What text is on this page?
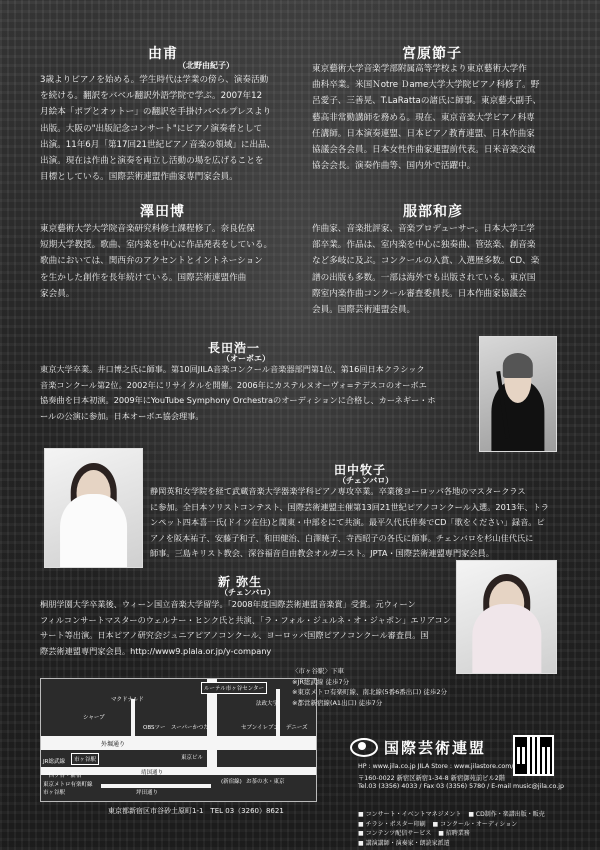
由甫
（北野由紀子）
3歳よりピアノを始める。学生時代は学業の傍ら、演奏活動
を続ける。翻訳をバベル翻訳外語学院で学ぶ。2007年12
月絵本「ポプとオットー」の翻訳を手掛けバベルプレスより
出版。大阪の"出版記念コンサート"にピアノ演奏者として
出演。11年6月「第17回21世紀ピアノ音楽の領域」に出品、
出演。現在は作曲と演奏を両立し活動の場を広げることを
目標としている。国際芸術連盟作曲家専門家会員。
宮原節子
東京藝術大学音楽学部附属高等学校より東京藝術大学作
曲科卒業。米国Ｎotre Ｄame大学大学院ピアノ科修了。野
呂愛子、三善晃、T.LaRattaの諸氏に師事。東京藝大副手、
藝高非常勤講師を務める。現在、東京音楽大学ピアノ科専
任講師。日本演奏連盟、日本ピアノ教育連盟、日本作曲家
協議会各会員。日本女性作曲家連盟前代表。日米音楽交流
協会会長。演奏作曲等、国内外で活躍中。
澤田博
東京藝術大学大学院音楽研究科修士課程修了。奈良佐保
短期大学教授。歌曲、室内楽を中心に作品発表をしている。
歌曲においては、関西弁のアクセントとイントネーション
を生かした創作を長年続けている。国際芸術連盟作曲
家会員。
服部和彦
作曲家、音楽批評家、音楽プロデューサー。日本大学工学
部卒業。作品は、室内楽を中心に独奏曲、管弦楽、創音楽
など多岐に及ぶ。コンクールの入賞、入選歴多数。CD、楽
譜の出版も多数。一部は海外でも出版されている。東京国
際室内楽作曲コンクール審査委員長。日本作曲家協議会
会員。国際芸術連盟会員。
長田浩一
（オーボエ）
東京大学卒業。井口博之氏に師事。第10回JILA音楽コンクール音楽器部門第1位、第16回日本クラシック
音楽コンクール第2位。2002年にリサイタルを開催。2006年にカステルヌオーヴォ=テデスコのオーボエ
協奏曲を日本初演。2009年にYouTube Symphony Orchestraのオーディションに合格し、カーネギー・ホ
ールの公演に参加。日本オーボエ協会理事。
田中牧子
（チェンバロ）
静岡英和女学院を経て武蔵音楽大学器楽学科ピアノ専攻卒業。卒業後ヨーロッパ各地のマスタークラス
に参加。全日本ソリストコンテスト、国際芸術連盟主催第13回21世紀ピアノコンクール入選。2013年、トラ
ンペット四本喜一氏(ドイツ在住)と関東・中部をにて共演。最平久代氏伴奏でCD「歌をください」録音。ピ
アノを阪本祐子、安藤子和子、和田健治、白澤暁子、寺西昭子の各氏に師事。チェンバロを杉山佳代氏に
師事。三島キリスト教会、深谷福音自由教会オルガニスト。JPTA・国際芸術連盟専門家会員。
新 弥生
（チェンバロ）
桐朋学園大学卒業後、ウィーン国立音楽大学留学。「2008年度国際芸術連盟音楽賞」受賞。元ウィーン
フィルコンサートマスターのウェルナー・ヒンク氏と共演、「ラ・フォル・ジュルネ・オ・ジャポン」エリアコン
サート等出演。日本ピアノ研究会ジュニアピアノコンクール、ヨーロッパ国際ピアノコンクール審査員。国
際芸術連盟専門家会員。http://www9.plala.or.jp/y-company
シャープ
マクドナルド
OBSツー
ルーテル市ヶ谷センター
法政大学
スーパーかつた	セブンイレブン
東京ビル
デニーズ
外堀通り
靖国通り
JR総武線	市ヶ谷駅
一四ッ谷・新宿
東京メトロ有楽町線
市ヶ谷駅	坪田通り
(新宿線) お茶の水・東京
〈市ヶ谷駅〉下車
※JR総武線 徒歩7分
※東京メトロ有楽町線、南北線(5番6番出口) 徒歩2分
※都営新宿線(A1出口) 徒歩7分
東京都新宿区市谷砂土原町1-1　TEL 03（3260）8621
国際芸術連盟
HP : www.jila.co.jp JILA Store : www.jilastore.com/
〒160-0022 新宿区新宿1-34-8 新宿御苑前ビル2階
Tel.03 (3356) 4033 / Fax 03 (3356) 5780 / E-mail music@jila.co.jp
■ コンサート・イベントマネジメント ■ CD制作・楽譜出版・販売 ■ チラシ・ポスター印刷 ■ コンクール・オーディション ■ コンテンツ配信サービス ■ 招聘業務 ■ 講演講師・演奏家・朗読家派遣
